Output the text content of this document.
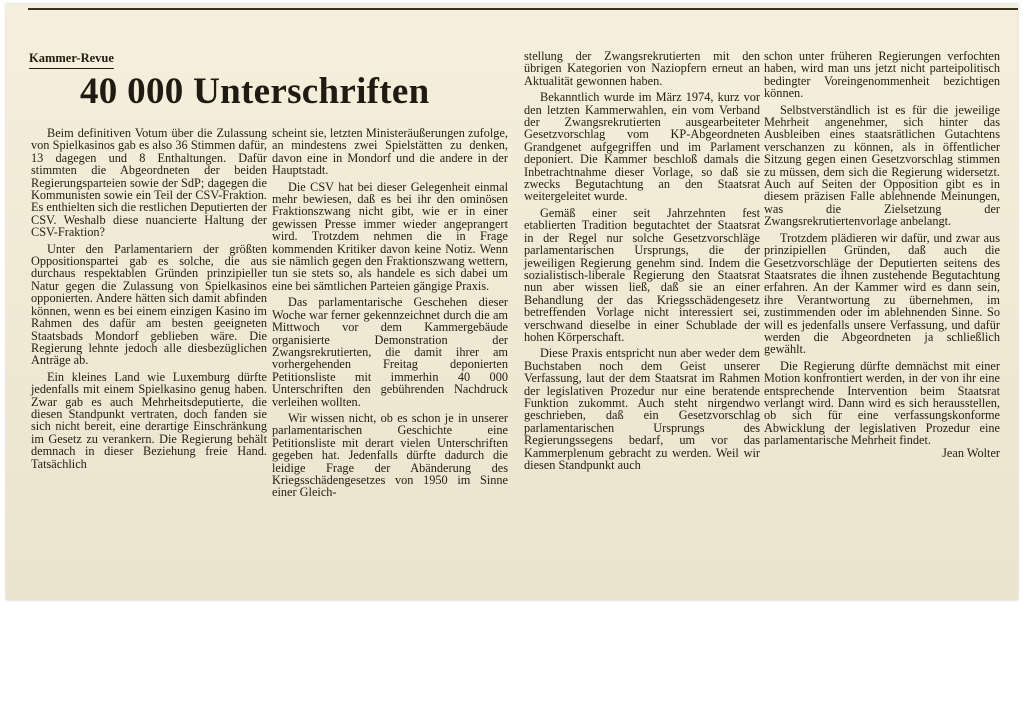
Kammer-Revue
40 000 Unterschriften

Beim definitiven Votum über die Zulassung von Spielkasinos gab es also 36 Stimmen dafür, 13 dagegen und 8 Enthaltungen. Dafür stimmten die Abgeordneten der beiden Regierungsparteien sowie der SdP; dagegen die Kommunisten sowie ein Teil der CSV-Fraktion. Es enthielten sich die restlichen Deputierten der CSV. Weshalb diese nuancierte Haltung der CSV-Fraktion?

Unter den Parlamentariern der größten Oppositionspartei gab es solche, die aus durchaus respektablen Gründen prinzipieller Natur gegen die Zulassung von Spielkasinos opponierten. Andere hätten sich damit abfinden können, wenn es bei einem einzigen Kasino im Rahmen des dafür am besten geeigneten Staatsbads Mondorf geblieben wäre. Die Regierung lehnte jedoch alle diesbezüglichen Anträge ab.

Ein kleines Land wie Luxemburg dürfte jedenfalls mit einem Spielkasino genug haben. Zwar gab es auch Mehrheitsdeputierte, die diesen Standpunkt vertraten, doch fanden sie sich nicht bereit, eine derartige Einschränkung im Gesetz zu verankern. Die Regierung behält demnach in dieser Beziehung freie Hand. Tatsächlich

scheint sie, letzten Ministeräußerungen zufolge, an mindestens zwei Spielstätten zu denken, davon eine in Mondorf und die andere in der Hauptstadt.

Die CSV hat bei dieser Gelegenheit einmal mehr bewiesen, daß es bei ihr den ominösen Fraktionszwang nicht gibt, wie er in einer gewissen Presse immer wieder angeprangert wird. Trotzdem nehmen die in Frage kommenden Kritiker davon keine Notiz. Wenn sie nämlich gegen den Fraktionszwang wettern, tun sie stets so, als handele es sich dabei um eine bei sämtlichen Parteien gängige Praxis.

Das parlamentarische Geschehen dieser Woche war ferner gekennzeichnet durch die am Mittwoch vor dem Kammergebäude organisierte Demonstration der Zwangsrekrutierten, die damit ihrer am vorhergehenden Freitag deponierten Petitionsliste mit immerhin 40 000 Unterschriften den gebührenden Nachdruck verleihen wollten.

Wir wissen nicht, ob es schon je in unserer parlamentarischen Geschichte eine Petitionsliste mit derart vielen Unterschriften gegeben hat. Jedenfalls dürfte dadurch die leidige Frage der Abänderung des Kriegsschädengesetzes von 1950 im Sinne einer Gleich-

stellung der Zwangsrekrutierten mit den übrigen Kategorien von Naziopfern erneut an Aktualität gewonnen haben.

Bekanntlich wurde im März 1974, kurz vor den letzten Kammerwahlen, ein vom Verband der Zwangsrekrutierten ausgearbeiteter Gesetzvorschlag vom KP-Abgeordneten Grandgenet aufgegriffen und im Parlament deponiert. Die Kammer beschloß damals die Inbetrachtnahme dieser Vorlage, so daß sie zwecks Begutachtung an den Staatsrat weitergeleitet wurde.

Gemäß einer seit Jahrzehnten fest etablierten Tradition begutachtet der Staatsrat in der Regel nur solche Gesetzvorschläge parlamentarischen Ursprungs, die der jeweiligen Regierung genehm sind. Indem die sozialistisch-liberale Regierung den Staatsrat nun aber wissen ließ, daß sie an einer Behandlung der das Kriegsschädengesetz betreffenden Vorlage nicht interessiert sei, verschwand dieselbe in einer Schublade der hohen Körperschaft.

Diese Praxis entspricht nun aber weder dem Buchstaben noch dem Geist unserer Verfassung, laut der dem Staatsrat im Rahmen der legislativen Prozedur nur eine beratende Funktion zukommt. Auch steht nirgendwo geschrieben, daß ein Gesetzvorschlag parlamentarischen Ursprungs des Regierungssegens bedarf, um vor das Kammerplenum gebracht zu werden. Weil wir diesen Standpunkt auch

schon unter früheren Regierungen verfochten haben, wird man uns jetzt nicht parteipolitisch bedingter Voreingenommenheit bezichtigen können.

Selbstverständlich ist es für die jeweilige Mehrheit angenehmer, sich hinter das Ausbleiben eines staatsrätlichen Gutachtens verschanzen zu können, als in öffentlicher Sitzung gegen einen Gesetzvorschlag stimmen zu müssen, dem sich die Regierung widersetzt. Auch auf Seiten der Opposition gibt es in diesem präzisen Falle ablehnende Meinungen, was die Zielsetzung der Zwangsrekrutiertenvorlage anbelangt.

Trotzdem plädieren wir dafür, und zwar aus prinzipiellen Gründen, daß auch die Gesetzvorschläge der Deputierten seitens des Staatsrates die ihnen zustehende Begutachtung erfahren. An der Kammer wird es dann sein, ihre Verantwortung zu übernehmen, im zustimmenden oder im ablehnenden Sinne. So will es jedenfalls unsere Verfassung, und dafür werden die Abgeordneten ja schließlich gewählt.

Die Regierung dürfte demnächst mit einer Motion konfrontiert werden, in der von ihr eine entsprechende Intervention beim Staatsrat verlangt wird. Dann wird es sich herausstellen, ob sich für eine verfassungskonforme Abwicklung der legislativen Prozedur eine parlamentarische Mehrheit findet.

Jean Wolter
